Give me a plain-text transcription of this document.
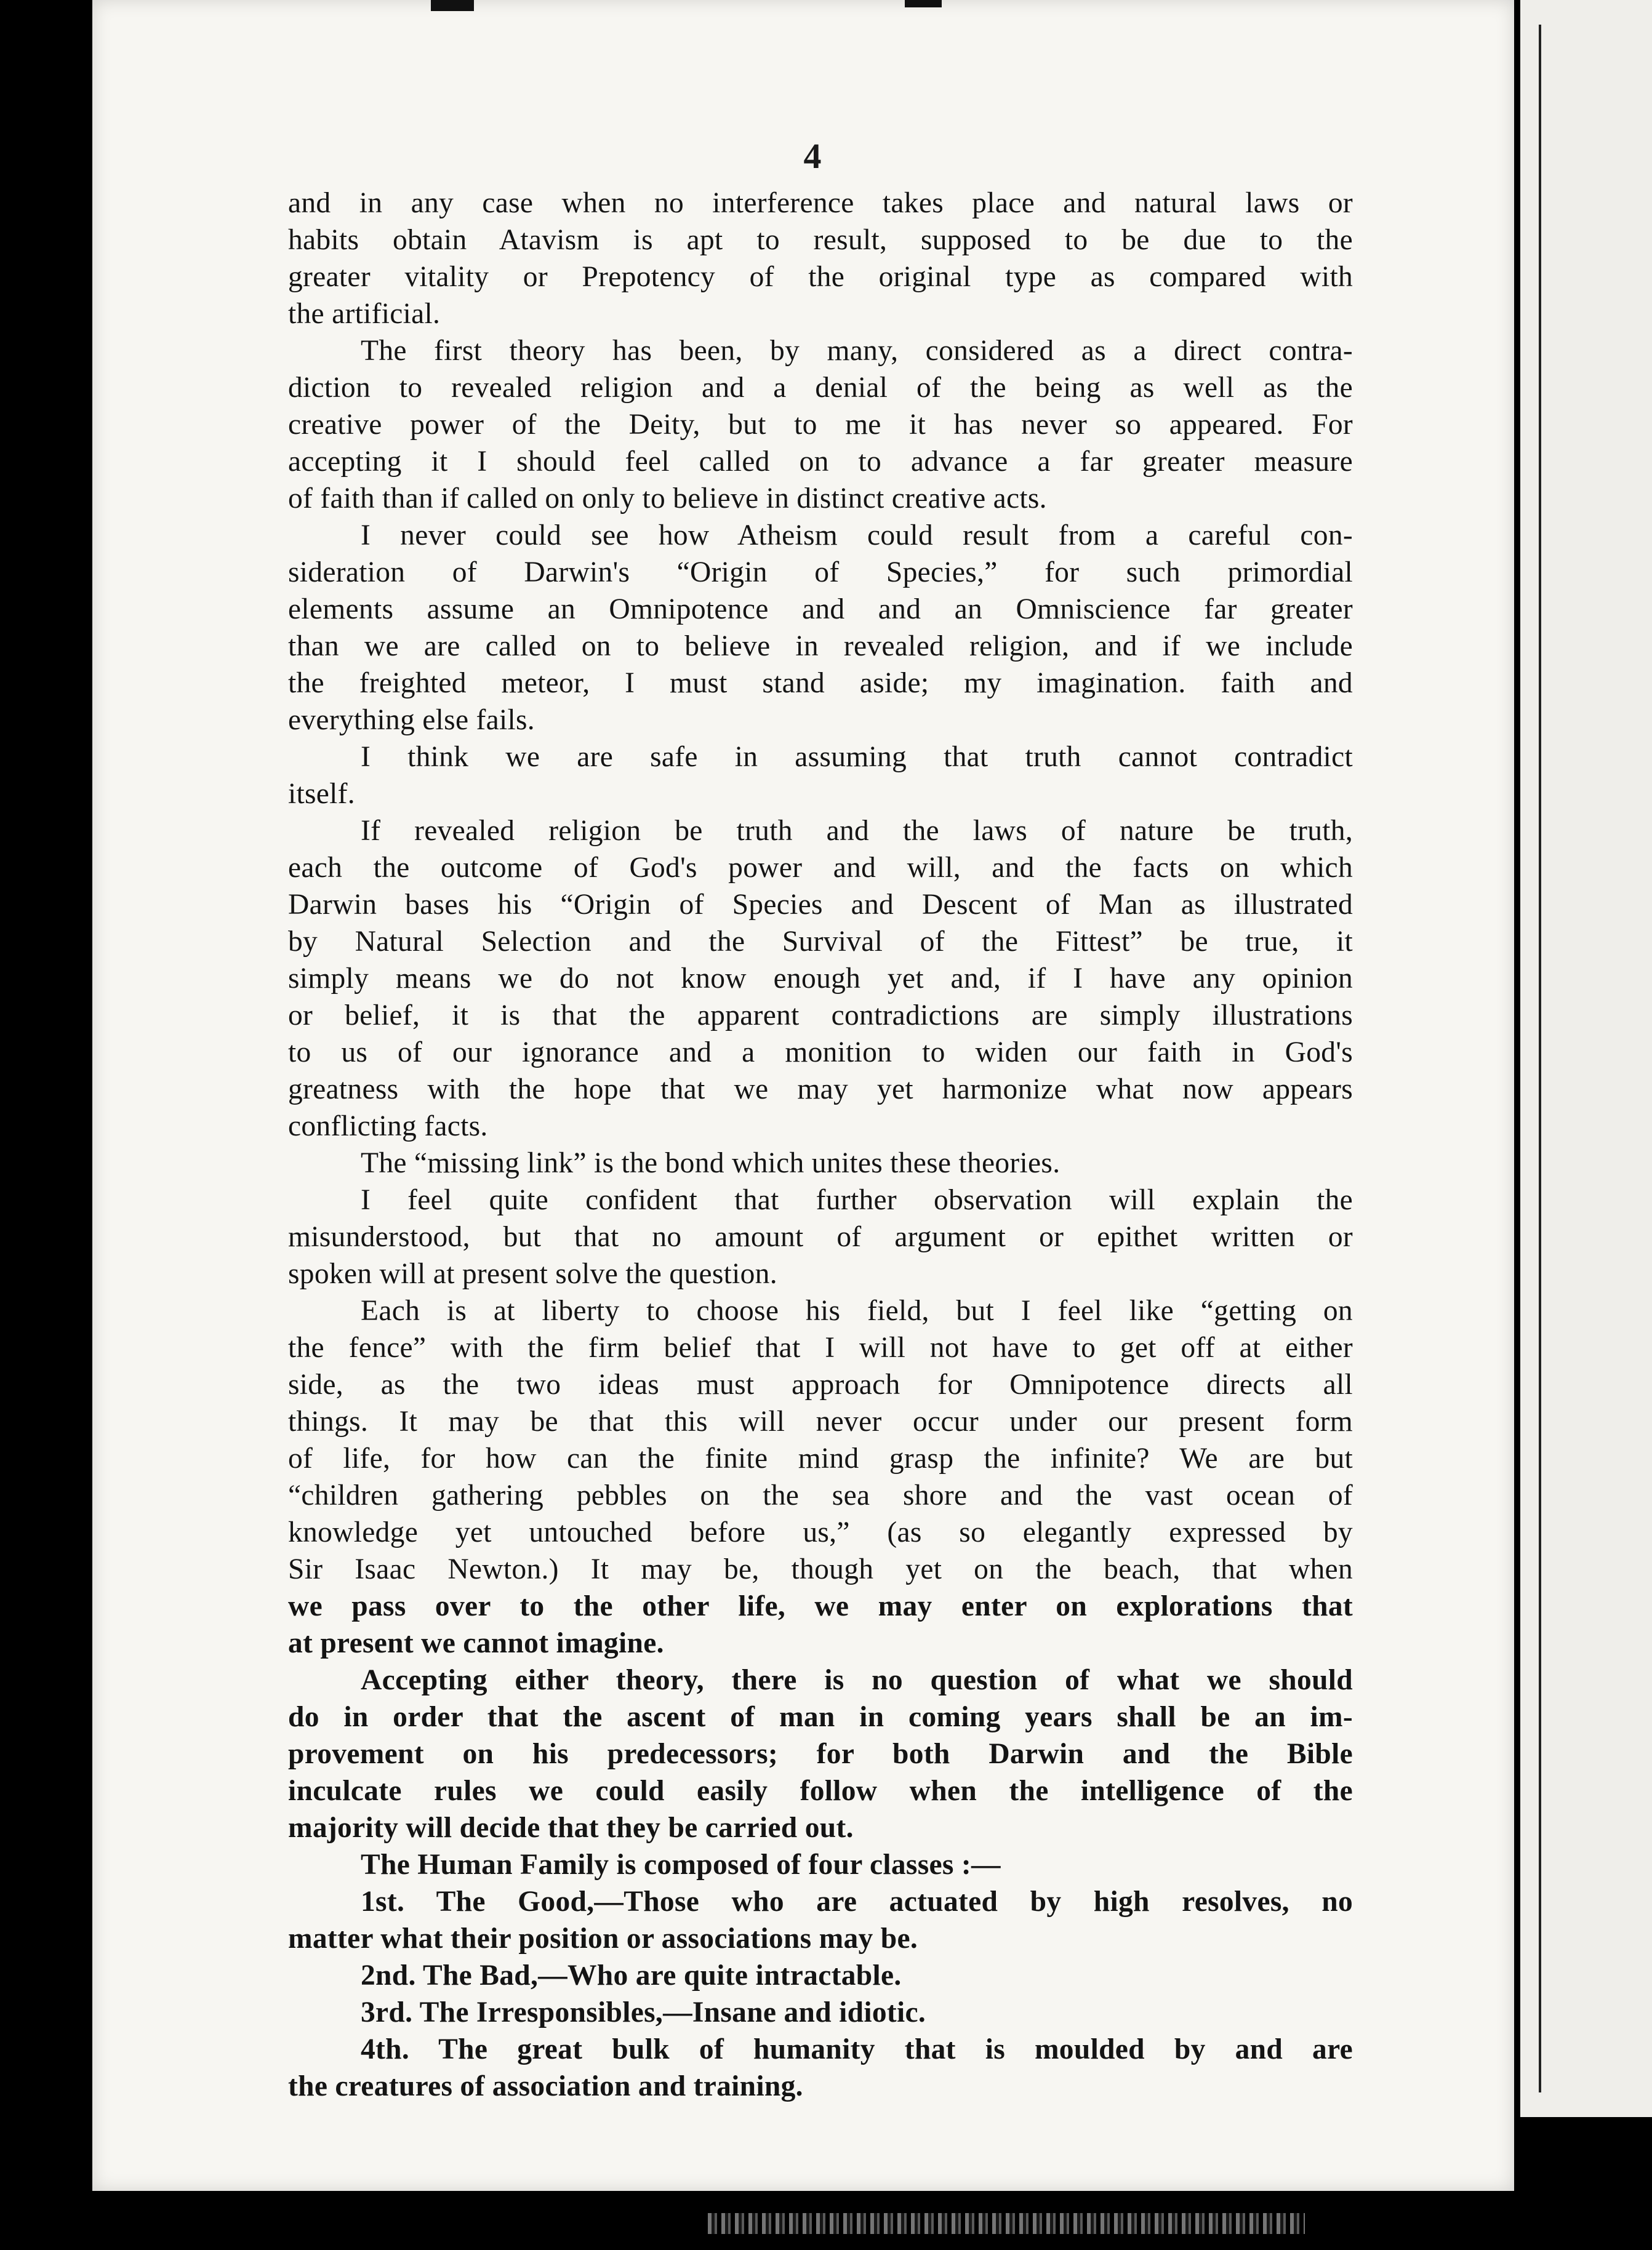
4
and in any case when no interference takes place and natural laws or
habits obtain Atavism is apt to result, supposed to be due to the
greater vitality or Prepotency of the original type as compared with
the artificial.
The first theory has been, by many, considered as a direct contra-
diction to revealed religion and a denial of the being as well as the
creative power of the Deity, but to me it has never so appeared. For
accepting it I should feel called on to advance a far greater measure
of faith than if called on only to believe in distinct creative acts.
I never could see how Atheism could result from a careful con-
sideration of Darwin's “Origin of Species,” for such primordial
elements assume an Omnipotence and and an Omniscience far greater
than we are called on to believe in revealed religion, and if we include
the freighted meteor, I must stand aside; my imagination. faith and
everything else fails.
I think we are safe in assuming that truth cannot contradict
itself.
If revealed religion be truth and the laws of nature be truth,
each the outcome of God's power and will, and the facts on which
Darwin bases his “Origin of Species and Descent of Man as illustrated
by Natural Selection and the Survival of the Fittest” be true, it
simply means we do not know enough yet and, if I have any opinion
or belief, it is that the apparent contradictions are simply illustrations
to us of our ignorance and a monition to widen our faith in God's
greatness with the hope that we may yet harmonize what now appears
conflicting facts.
The “missing link” is the bond which unites these theories.
I feel quite confident that further observation will explain the
misunderstood, but that no amount of argument or epithet written or
spoken will at present solve the question.
Each is at liberty to choose his field, but I feel like “getting on
the fence” with the firm belief that I will not have to get off at either
side, as the two ideas must approach for Omnipotence directs all
things. It may be that this will never occur under our present form
of life, for how can the finite mind grasp the infinite? We are but
“children gathering pebbles on the sea shore and the vast ocean of
knowledge yet untouched before us,” (as so elegantly expressed by
Sir Isaac Newton.) It may be, though yet on the beach, that when
we pass over to the other life, we may enter on explorations that
at present we cannot imagine.
Accepting either theory, there is no question of what we should
do in order that the ascent of man in coming years shall be an im-
provement on his predecessors; for both Darwin and the Bible
inculcate rules we could easily follow when the intelligence of the
majority will decide that they be carried out.
The Human Family is composed of four classes :—
1st. The Good,—Those who are actuated by high resolves, no
matter what their position or associations may be.
2nd. The Bad,—Who are quite intractable.
3rd. The Irresponsibles,—Insane and idiotic.
4th. The great bulk of humanity that is moulded by and are
the creatures of association and training.
